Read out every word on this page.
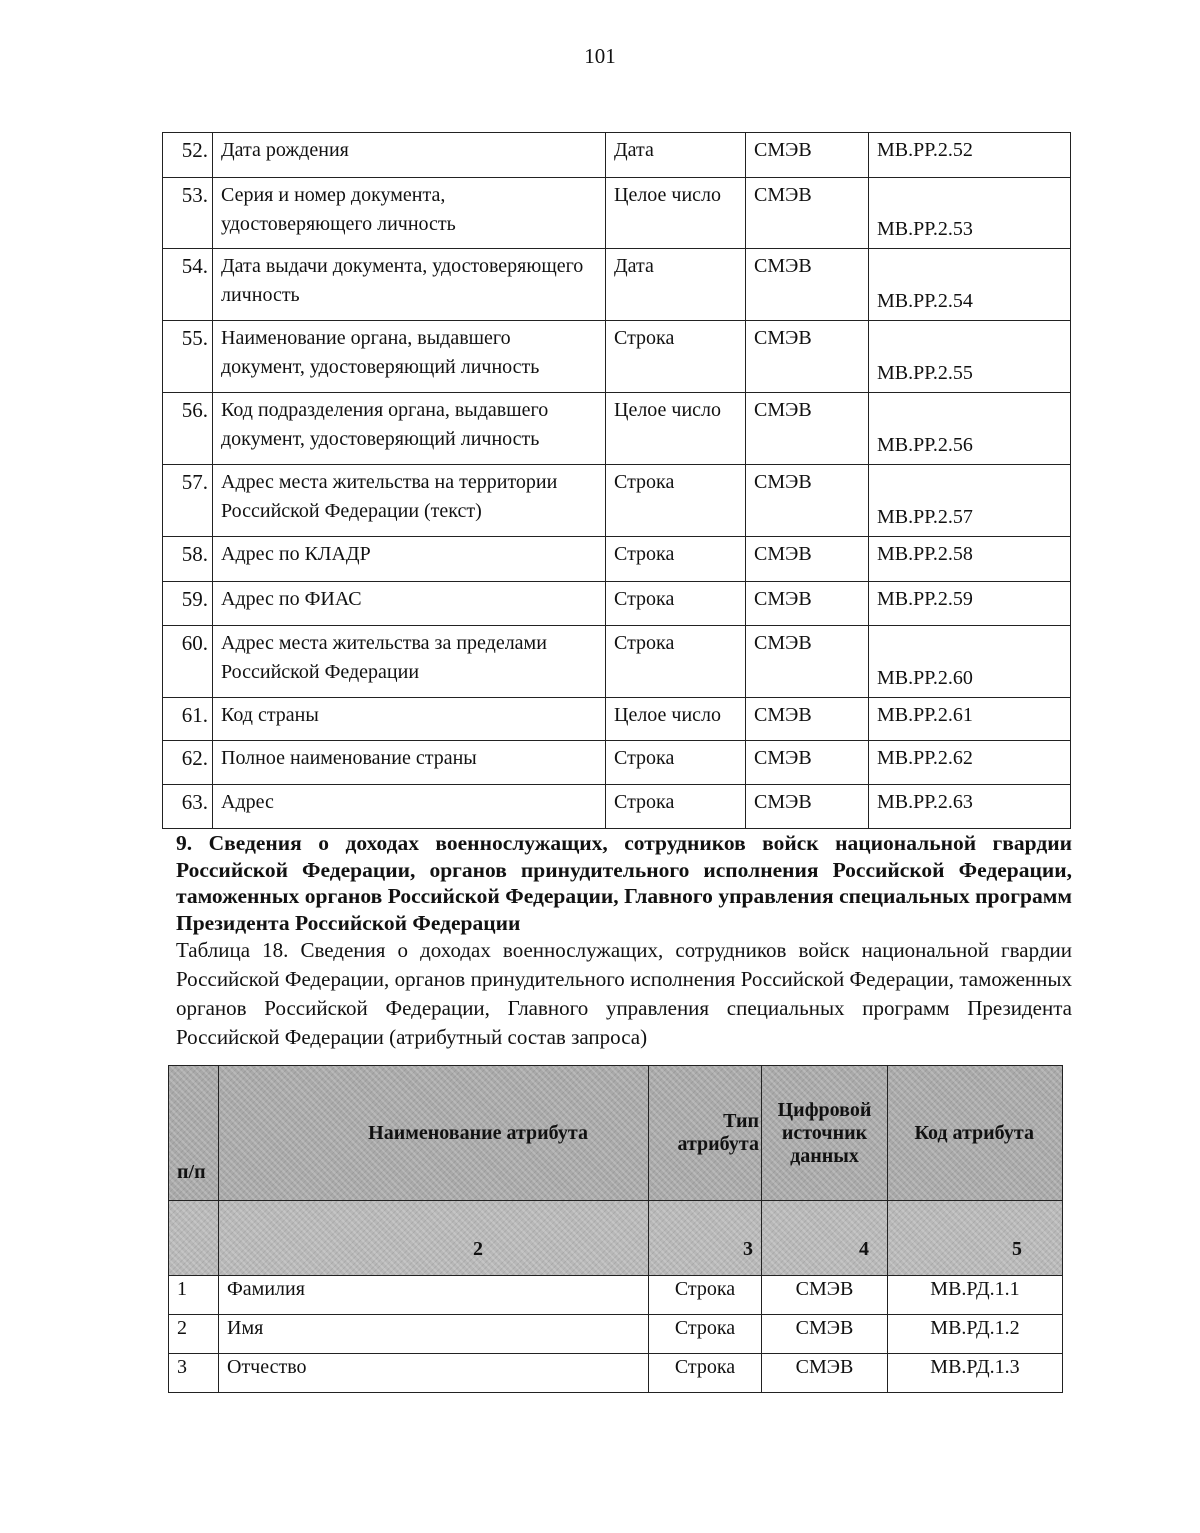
101
52.	Дата рождения	Дата	СМЭВ	МВ.РР.2.52
53.	Серия и номер документа, удостоверяющего личность	Целое число	СМЭВ	МВ.РР.2.53
54.	Дата выдачи документа, удостоверяющего личность	Дата	СМЭВ	МВ.РР.2.54
55.	Наименование органа, выдавшего документ, удостоверяющий личность	Строка	СМЭВ	МВ.РР.2.55
56.	Код подразделения органа, выдавшего документ, удостоверяющий личность	Целое число	СМЭВ	МВ.РР.2.56
57.	Адрес места жительства на территории Российской Федерации (текст)	Строка	СМЭВ	МВ.РР.2.57
58.	Адрес по КЛАДР	Строка	СМЭВ	МВ.РР.2.58
59.	Адрес по ФИАС	Строка	СМЭВ	МВ.РР.2.59
60.	Адрес места жительства за пределами Российской Федерации	Строка	СМЭВ	МВ.РР.2.60
61.	Код страны	Целое число	СМЭВ	МВ.РР.2.61
62.	Полное наименование страны	Строка	СМЭВ	МВ.РР.2.62
63.	Адрес	Строка	СМЭВ	МВ.РР.2.63
9. Сведения о доходах военнослужащих, сотрудников войск национальной гвардии Российской Федерации, органов принудительного исполнения Российской Федерации, таможенных органов Российской Федерации, Главного управления специальных программ Президента Российской Федерации
Таблица 18. Сведения о доходах военнослужащих, сотрудников войск национальной гвардии Российской Федерации, органов принудительного исполнения Российской Федерации, таможенных органов Российской Федерации, Главного управления специальных программ Президента Российской Федерации (атрибутный состав запроса)
п/п	Наименование атрибута	Тип атрибута	Цифровой источник данных	Код атрибута
	2	3	4	5
1	Фамилия	Строка	СМЭВ	МВ.РД.1.1
2	Имя	Строка	СМЭВ	МВ.РД.1.2
3	Отчество	Строка	СМЭВ	МВ.РД.1.3
